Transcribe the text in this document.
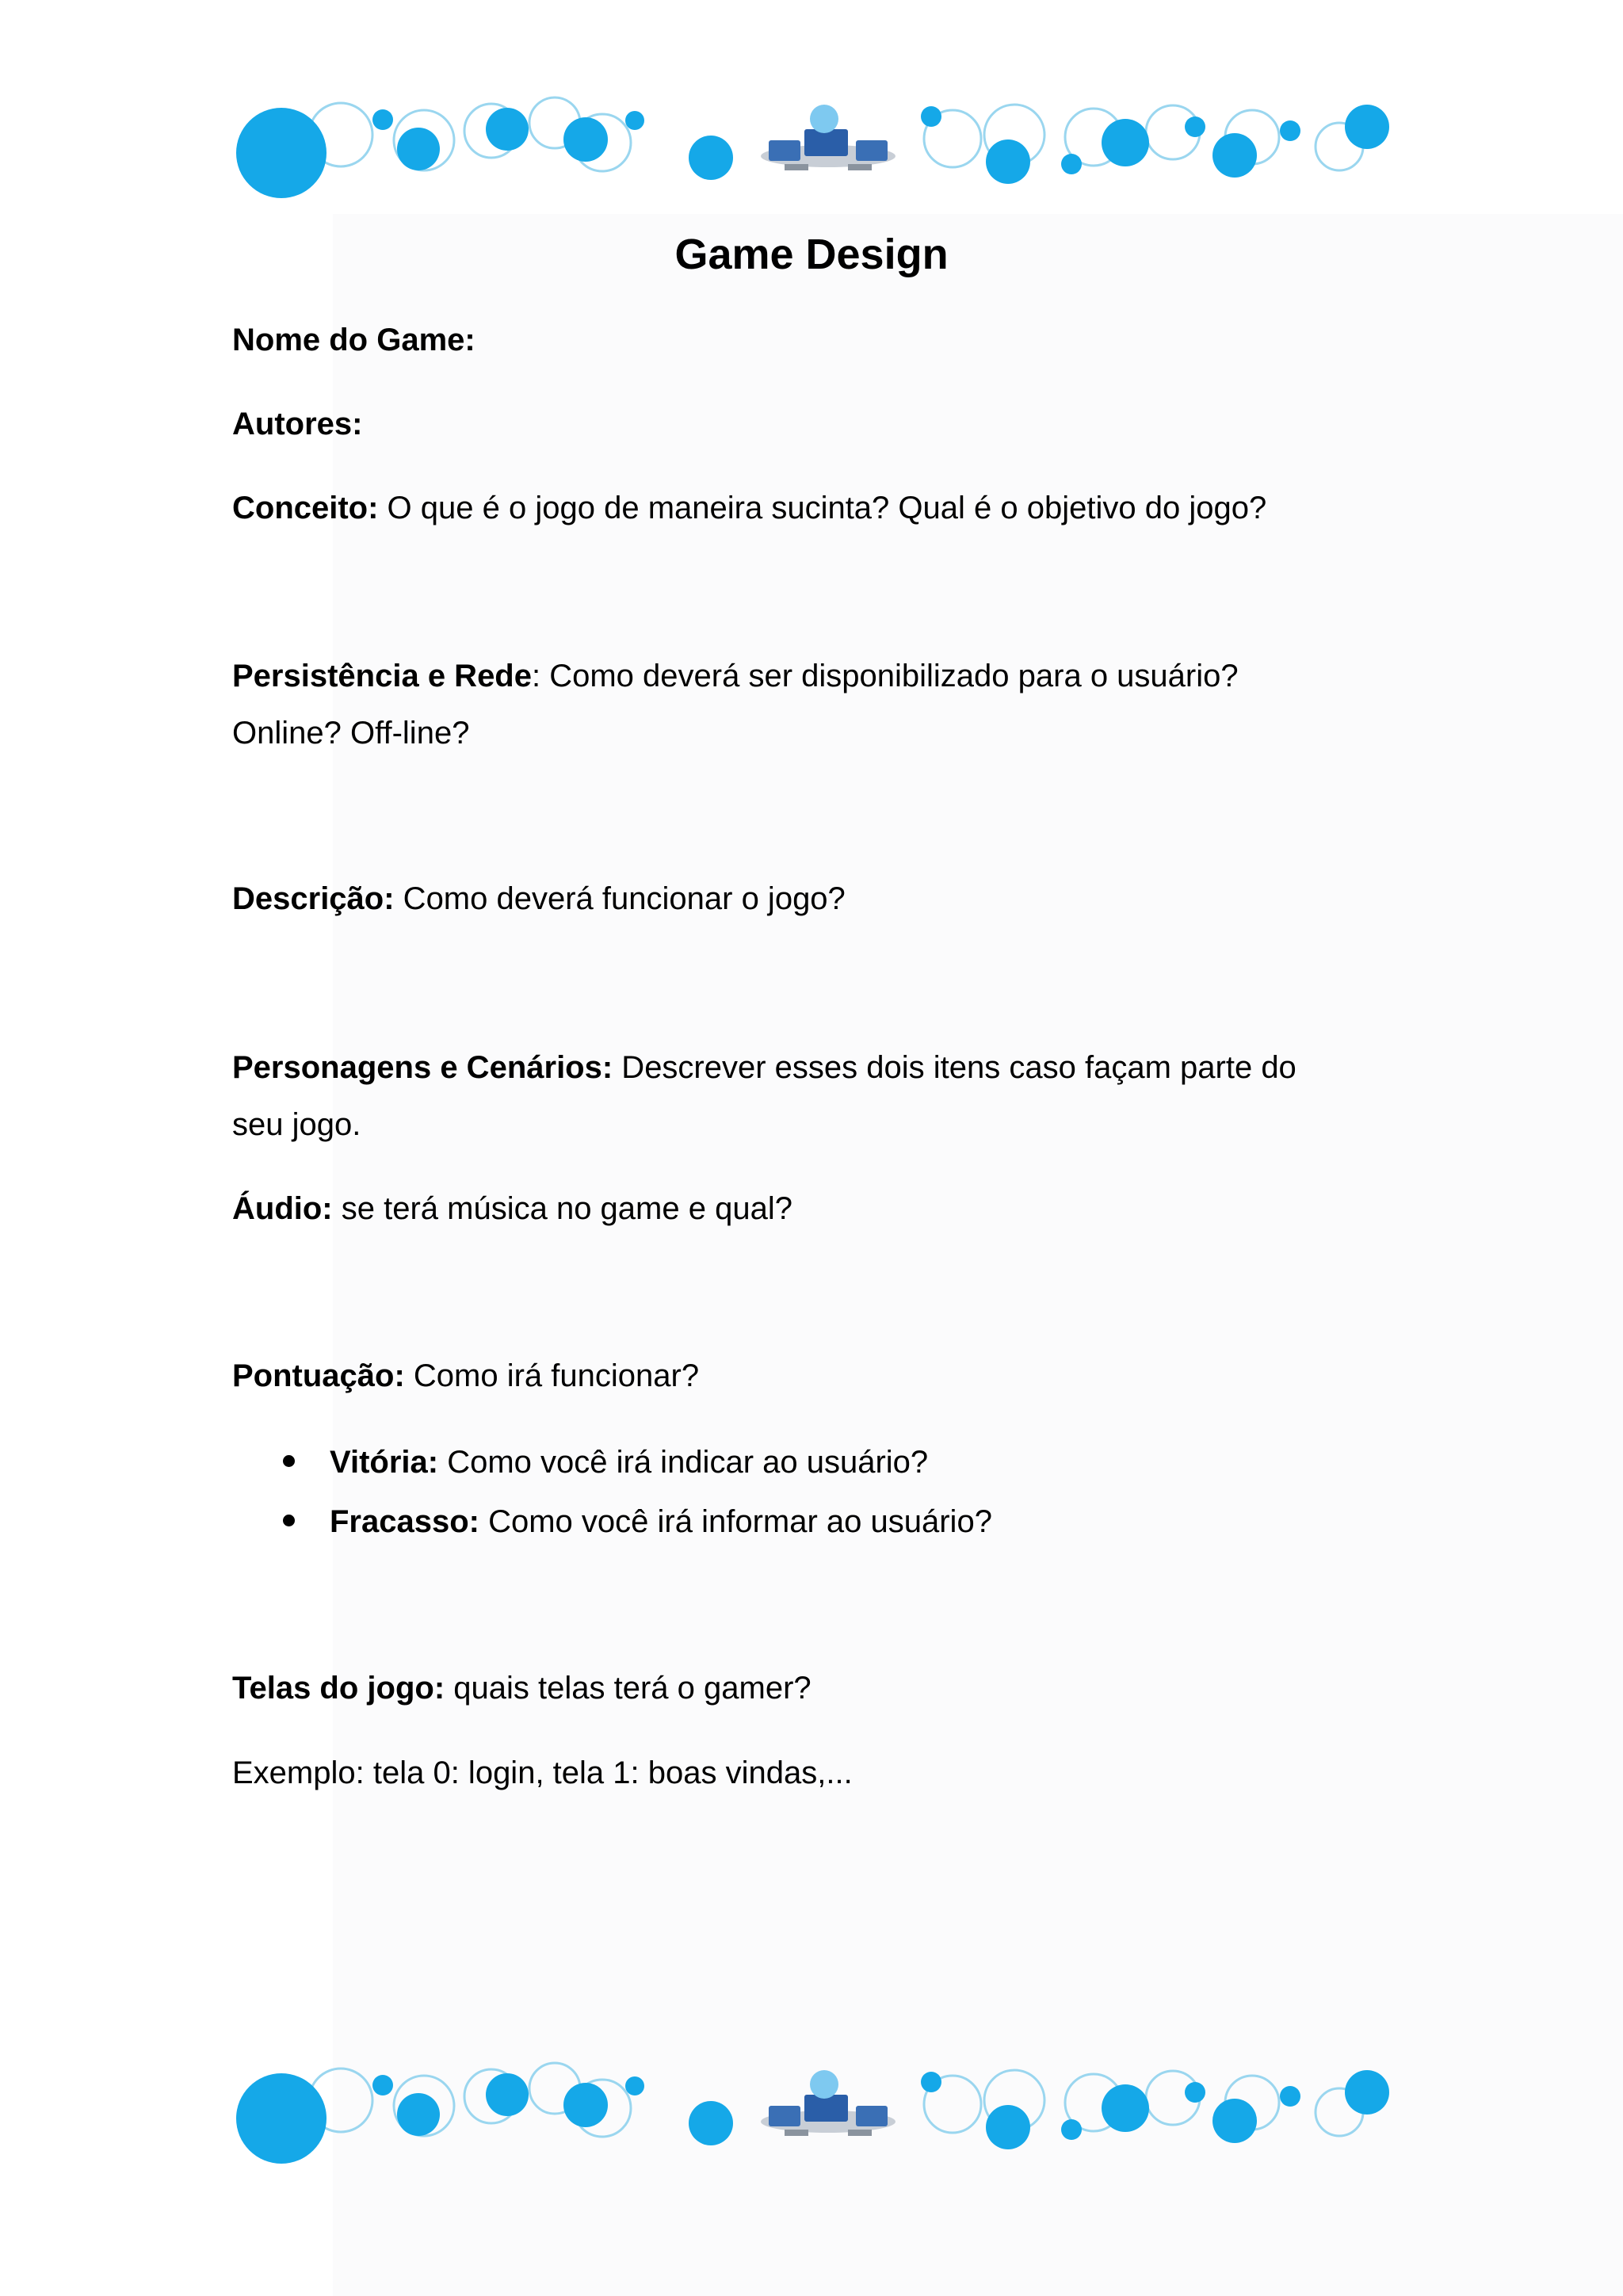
Game Design
Nome do Game:
Autores:
Conceito: O que é o jogo de maneira sucinta? Qual é o objetivo do jogo?
Persistência e Rede: Como deverá ser disponibilizado para o usuário?
Online? Off-line?
Descrição: Como deverá funcionar o jogo?
Personagens e Cenários: Descrever esses dois itens caso façam parte do
seu jogo.
Áudio: se terá música no game e qual?
Pontuação: Como irá funcionar?
Vitória: Como você irá indicar ao usuário?
Fracasso: Como você irá informar ao usuário?
Telas do jogo: quais telas terá o gamer?
Exemplo: tela 0: login, tela 1: boas vindas,...
